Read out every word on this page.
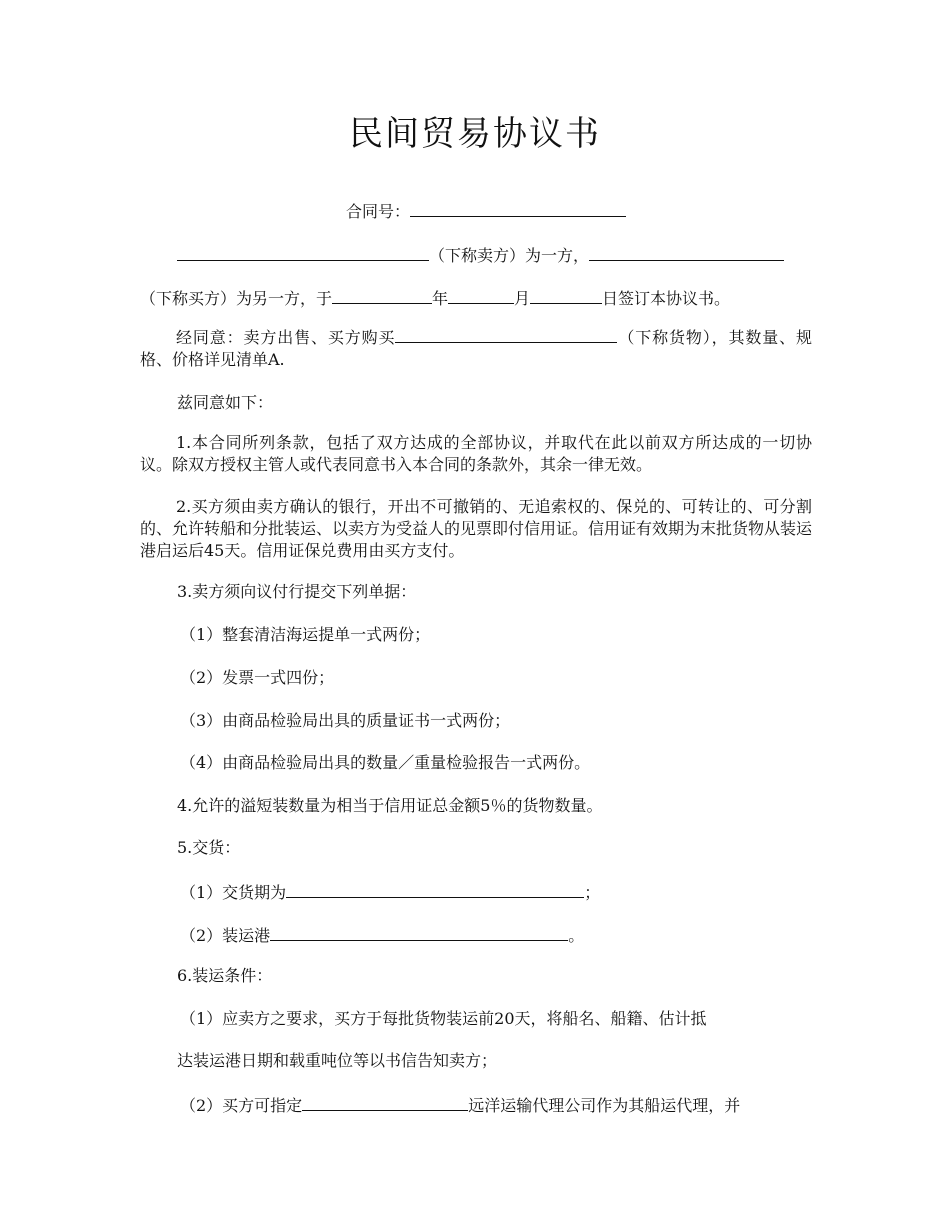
民间贸易协议书
合同号：
（下称卖方）为一方，
（下称买方）为另一方，于	年	月	日签订本协议书。
经同意：卖方出售、买方购买	（下称货物），其数量、规格、价格详见清单A.
兹同意如下：
1.本合同所列条款，包括了双方达成的全部协议，并取代在此以前双方所达成的一切协议。除双方授权主管人或代表同意书入本合同的条款外，其余一律无效。
2.买方须由卖方确认的银行，开出不可撤销的、无追索权的、保兑的、可转让的、可分割的、允许转船和分批装运、以卖方为受益人的见票即付信用证。信用证有效期为末批货物从装运港启运后45天。信用证保兑费用由买方支付。
3.卖方须向议付行提交下列单据：
（1）整套清洁海运提单一式两份；
（2）发票一式四份；
（3）由商品检验局出具的质量证书一式两份；
（4）由商品检验局出具的数量／重量检验报告一式两份。
4.允许的溢短装数量为相当于信用证总金额5％的货物数量。
5.交货：
（1）交货期为	；
（2）装运港	。
6.装运条件：
（1）应卖方之要求，买方于每批货物装运前20天，将船名、船籍、估计抵
达装运港日期和载重吨位等以书信告知卖方；
（2）买方可指定	远洋运输代理公司作为其船运代理，并
